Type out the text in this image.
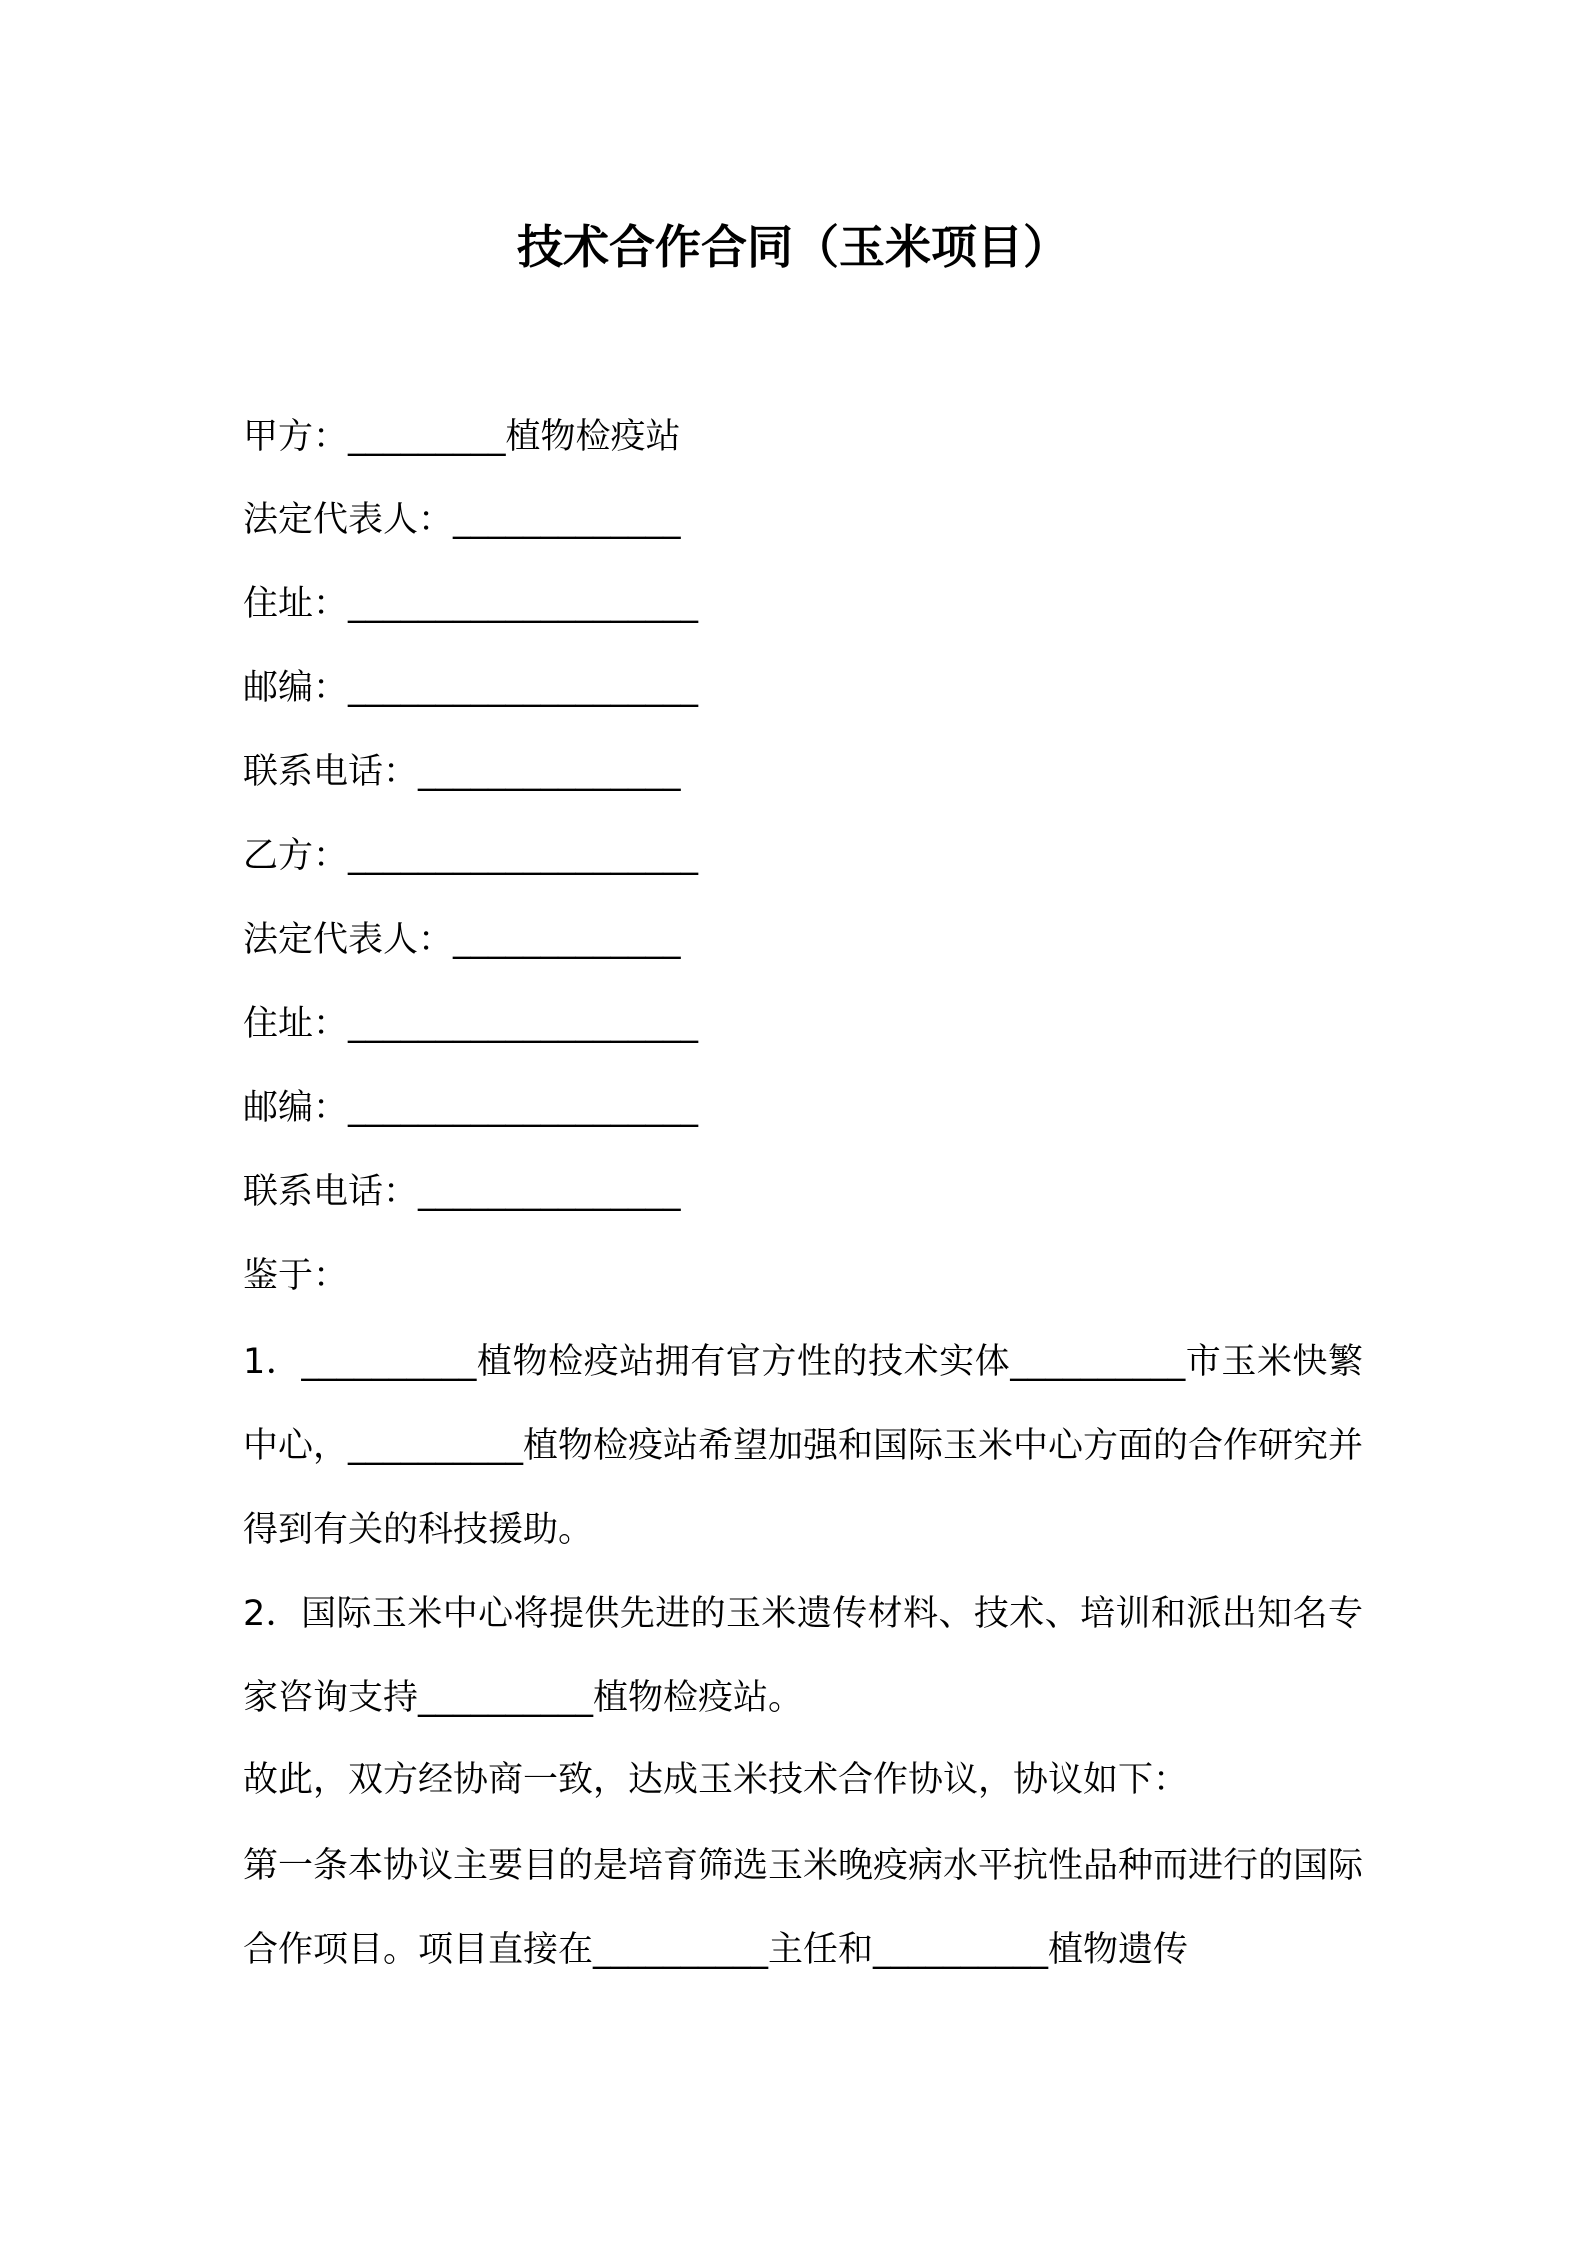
技术合作合同（玉米项目）
甲方：_________植物检疫站
法定代表人：_____________
住址：____________________
邮编：____________________
联系电话：_______________
乙方：____________________
法定代表人：_____________
住址：____________________
邮编：____________________
联系电话：_______________
鉴于：

1．__________植物检疫站拥有官方性的技术实体__________市玉米快繁中心，__________植物检疫站希望加强和国际玉米中心方面的合作研究并得到有关的科技援助。

2．国际玉米中心将提供先进的玉米遗传材料、技术、培训和派出知名专家咨询支持__________植物检疫站。

故此，双方经协商一致，达成玉米技术合作协议，协议如下：

第一条本协议主要目的是培育筛选玉米晚疫病水平抗性品种而进行的国际合作项目。项目直接在__________主任和__________植物遗传
